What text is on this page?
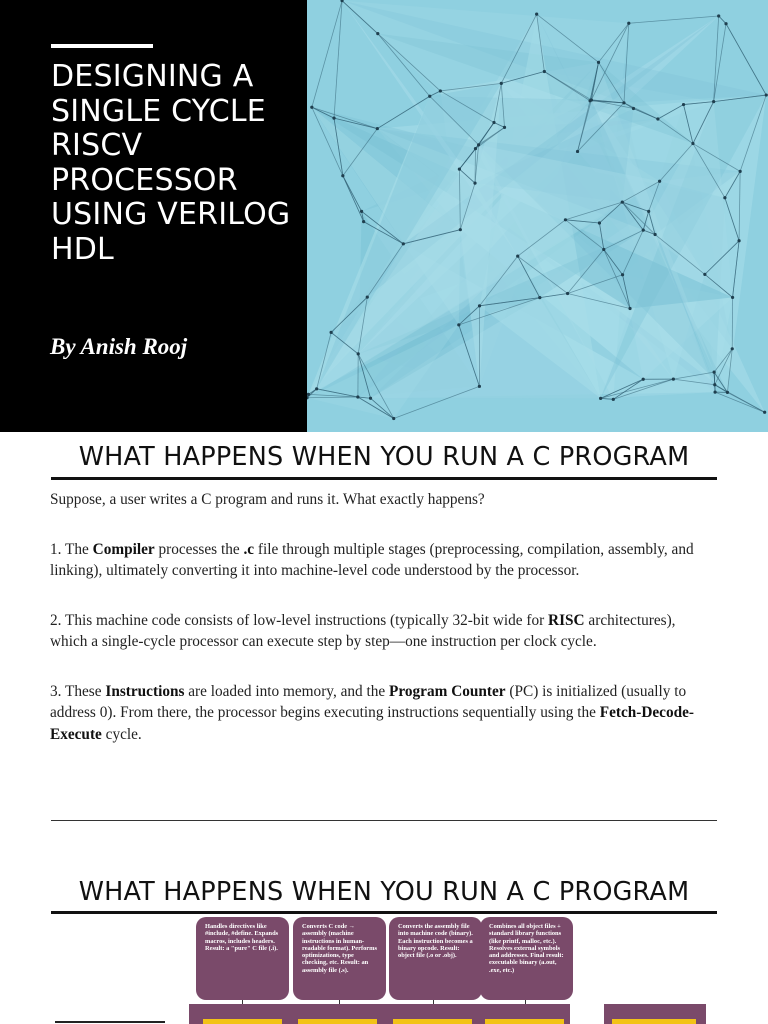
DESIGNING A
SINGLE CYCLE
RISCV
PROCESSOR
USING VERILOG
HDL
By Anish Rooj
WHAT HAPPENS WHEN YOU RUN A C PROGRAM

Suppose, a user writes a C program and runs it. What exactly happens?

1. The Compiler processes the .c file through multiple stages (preprocessing, compilation, assembly, and linking), ultimately converting it into machine-level code understood by the processor.

2. This machine code consists of low-level instructions (typically 32-bit wide for RISC architectures), which a single-cycle processor can execute step by step—one instruction per clock cycle.

3. These Instructions are loaded into memory, and the Program Counter (PC) is initialized (usually to address 0). From there, the processor begins executing instructions sequentially using the Fetch-Decode-Execute cycle.

WHAT HAPPENS WHEN YOU RUN A C PROGRAM
Handles directives like #include, #define. Expands macros, includes headers. Result: a "pure" C file (.i).
Converts C code → assembly (machine instructions in human-readable format). Performs optimizations, type checking, etc. Result: an assembly file (.s).
Converts the assembly file into machine code (binary). Each instruction becomes a binary opcode. Result: object file (.o or .obj).
Combines all object files + standard library functions (like printf, malloc, etc.). Resolves external symbols and addresses. Final result: executable binary (a.out, .exe, etc.)
